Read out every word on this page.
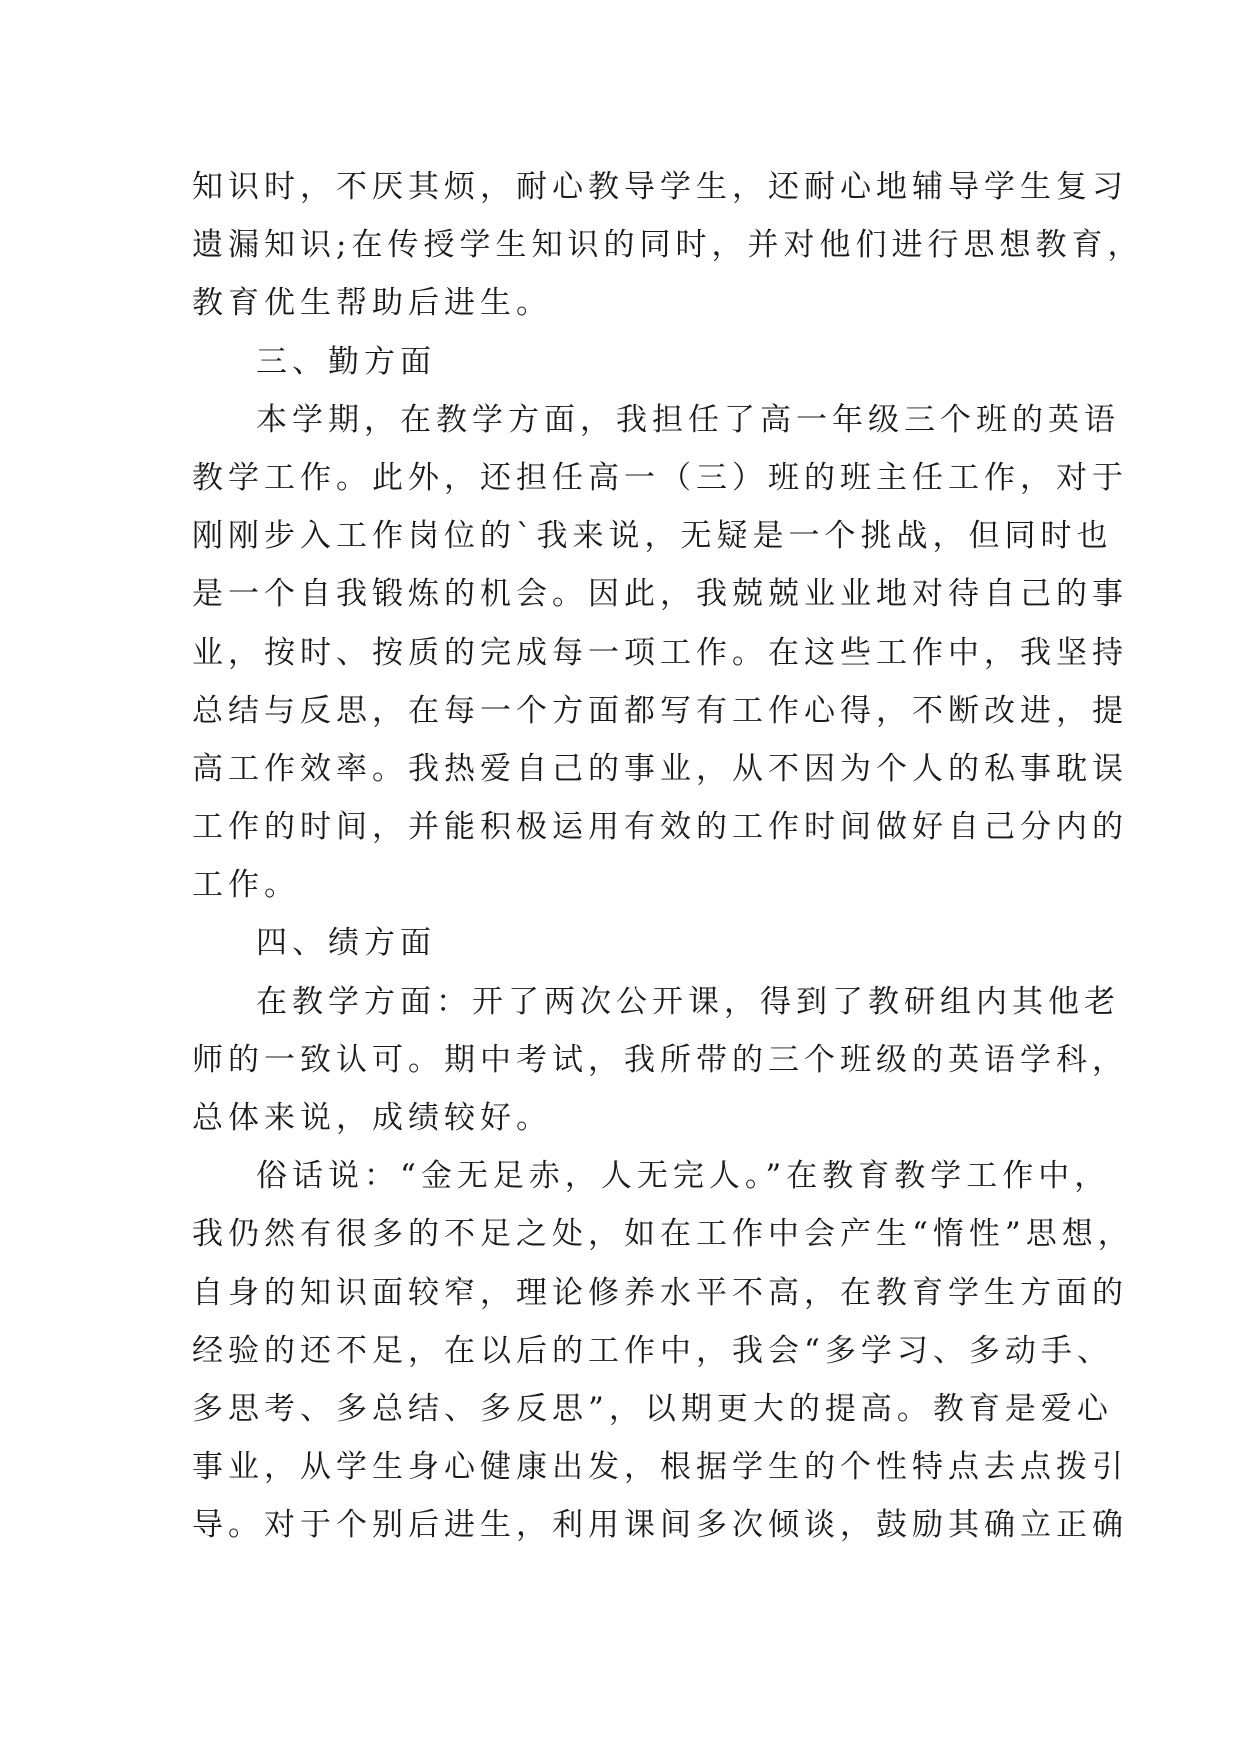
知识时，不厌其烦，耐心教导学生，还耐心地辅导学生复习
遗漏知识;在传授学生知识的同时，并对他们进行思想教育，
教育优生帮助后进生。
三、勤方面
本学期，在教学方面，我担任了高一年级三个班的英语
教学工作。此外，还担任高一（三）班的班主任工作，对于
刚刚步入工作岗位的`我来说，无疑是一个挑战，但同时也
是一个自我锻炼的机会。因此，我兢兢业业地对待自己的事
业，按时、按质的完成每一项工作。在这些工作中，我坚持
总结与反思，在每一个方面都写有工作心得，不断改进，提
高工作效率。我热爱自己的事业，从不因为个人的私事耽误
工作的时间，并能积极运用有效的工作时间做好自己分内的
工作。
四、绩方面
在教学方面：开了两次公开课，得到了教研组内其他老
师的一致认可。期中考试，我所带的三个班级的英语学科，
总体来说，成绩较好。
俗话说：“金无足赤，人无完人。”在教育教学工作中，
我仍然有很多的不足之处，如在工作中会产生“惰性”思想，
自身的知识面较窄，理论修养水平不高，在教育学生方面的
经验的还不足，在以后的工作中，我会“多学习、多动手、
多思考、多总结、多反思”，以期更大的提高。教育是爱心
事业，从学生身心健康出发，根据学生的个性特点去点拨引
导。对于个别后进生，利用课间多次倾谈，鼓励其确立正确
